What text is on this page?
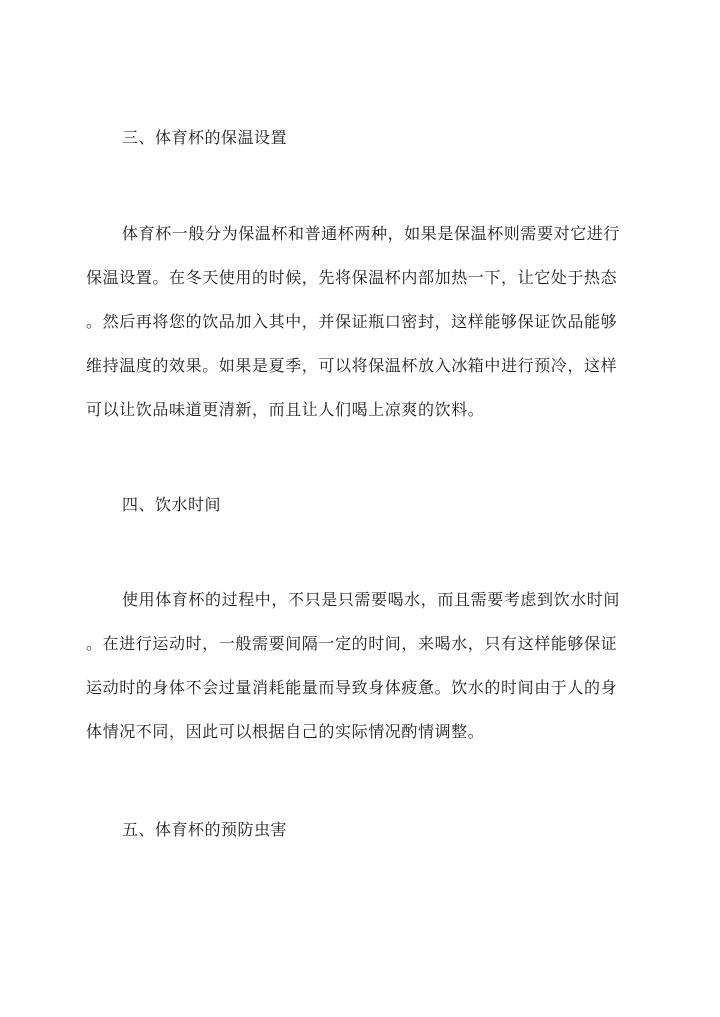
三、体育杯的保温设置
体育杯一般分为保温杯和普通杯两种，如果是保温杯则需要对它进行
保温设置。在冬天使用的时候，先将保温杯内部加热一下，让它处于热态
。然后再将您的饮品加入其中，并保证瓶口密封，这样能够保证饮品能够
维持温度的效果。如果是夏季，可以将保温杯放入冰箱中进行预冷，这样
可以让饮品味道更清新，而且让人们喝上凉爽的饮料。
四、饮水时间
使用体育杯的过程中，不只是只需要喝水，而且需要考虑到饮水时间
。在进行运动时，一般需要间隔一定的时间，来喝水，只有这样能够保证
运动时的身体不会过量消耗能量而导致身体疲惫。饮水的时间由于人的身
体情况不同，因此可以根据自己的实际情况酌情调整。
五、体育杯的预防虫害
